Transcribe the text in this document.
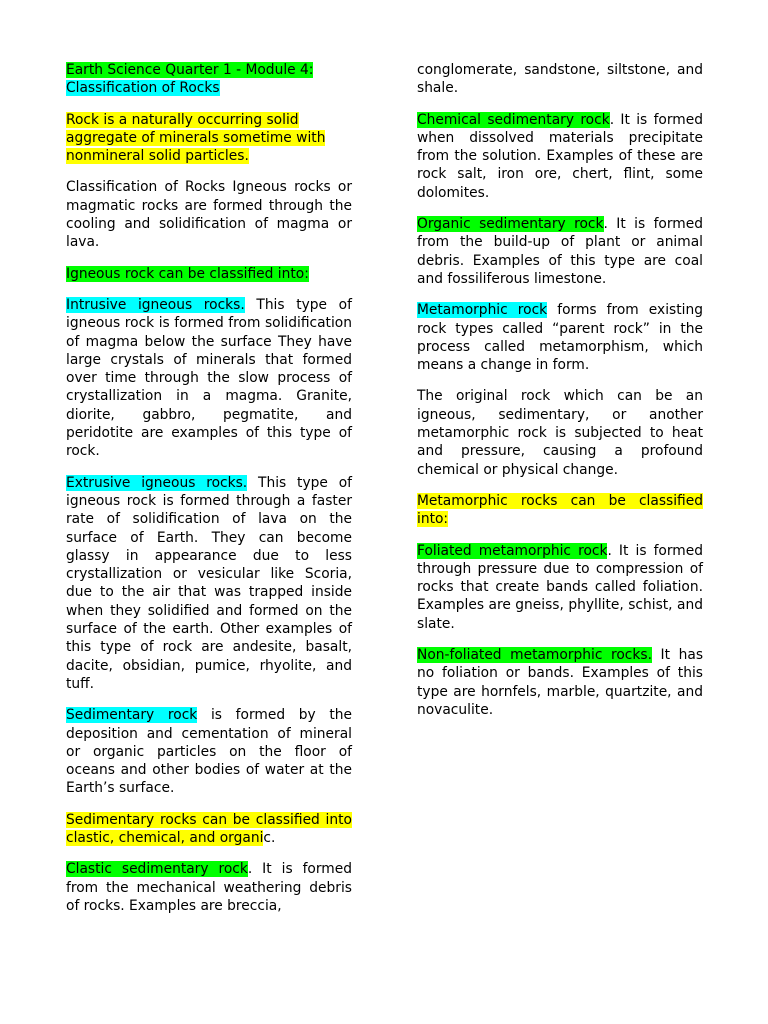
Earth Science Quarter 1 - Module 4:
Classification of Rocks

Rock is a naturally occurring solid aggregate of minerals sometime with nonmineral solid particles.

Classification of Rocks Igneous rocks or magmatic rocks are formed through the cooling and solidification of magma or lava.

Igneous rock can be classified into:

Intrusive igneous rocks. This type of igneous rock is formed from solidification of magma below the surface They have large crystals of minerals that formed over time through the slow process of crystallization in a magma. Granite, diorite, gabbro, pegmatite, and peridotite are examples of this type of rock.

Extrusive igneous rocks. This type of igneous rock is formed through a faster rate of solidification of lava on the surface of Earth. They can become glassy in appearance due to less crystallization or vesicular like Scoria, due to the air that was trapped inside when they solidified and formed on the surface of the earth. Other examples of this type of rock are andesite, basalt, dacite, obsidian, pumice, rhyolite, and tuff.

Sedimentary rock is formed by the deposition and cementation of mineral or organic particles on the floor of oceans and other bodies of water at the Earth’s surface.

Sedimentary rocks can be classified into clastic, chemical, and organic.

Clastic sedimentary rock. It is formed from the mechanical weathering debris of rocks. Examples are breccia,

conglomerate, sandstone, siltstone, and shale.

Chemical sedimentary rock. It is formed when dissolved materials precipitate from the solution. Examples of these are rock salt, iron ore, chert, flint, some dolomites.

Organic sedimentary rock. It is formed from the build-up of plant or animal debris. Examples of this type are coal and fossiliferous limestone.

Metamorphic rock forms from existing rock types called “parent rock” in the process called metamorphism, which means a change in form.

The original rock which can be an igneous, sedimentary, or another metamorphic rock is subjected to heat and pressure, causing a profound chemical or physical change.

Metamorphic rocks can be classified into:

Foliated metamorphic rock. It is formed through pressure due to compression of rocks that create bands called foliation. Examples are gneiss, phyllite, schist, and slate.

Non-foliated metamorphic rocks. It has no foliation or bands. Examples of this type are hornfels, marble, quartzite, and novaculite.
